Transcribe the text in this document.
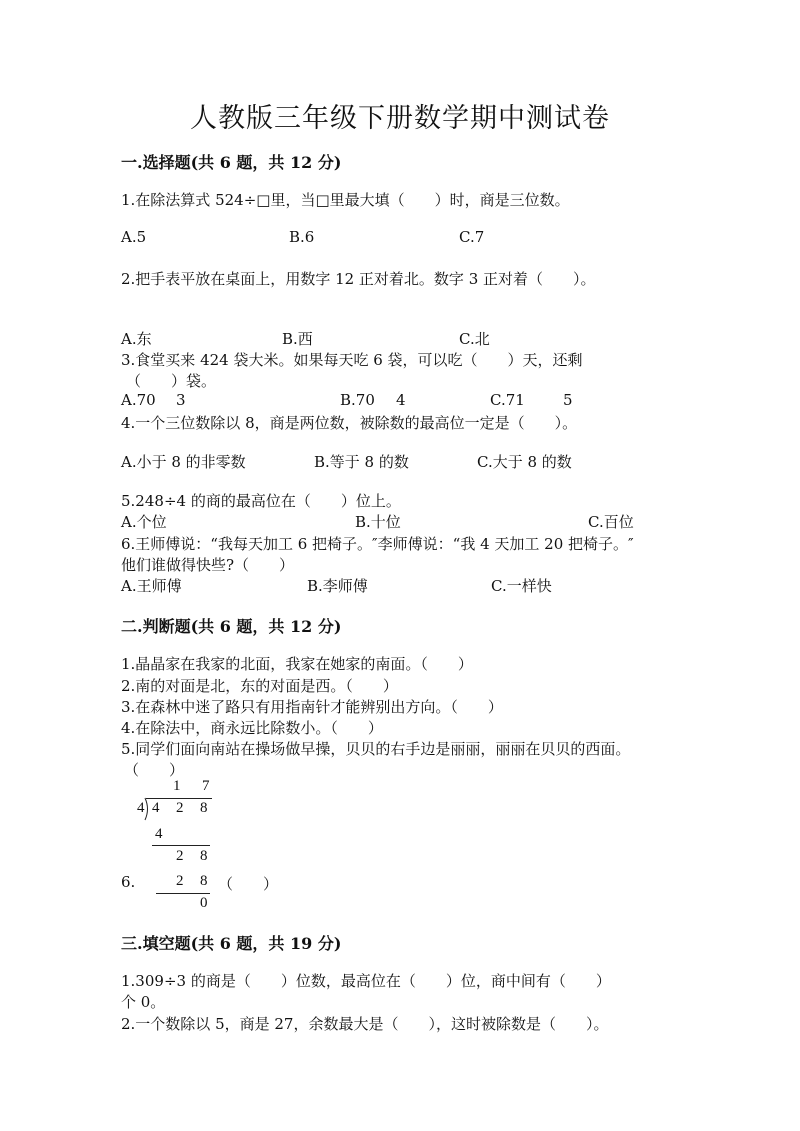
人教版三年级下册数学期中测试卷
一.选择题(共 6 题，共 12 分)
1.在除法算式 524÷□里，当□里最大填（　　）时，商是三位数。
A.5	B.6	C.7
2.把手表平放在桌面上，用数字 12 正对着北。数字 3 正对着（　　）。
A.东	B.西	C.北
3.食堂买来 424 袋大米。如果每天吃 6 袋，可以吃（　　）天，还剩
（　　）袋。
A.70 3	B.70 4	C.71	5
4.一个三位数除以 8，商是两位数，被除数的最高位一定是（　　）。
A.小于 8 的非零数	B.等于 8 的数	C.大于 8 的数
5.248÷4 的商的最高位在（　　）位上。
A.个位	B.十位	C.百位
6.王师傅说：“我每天加工 6 把椅子。″李师傅说：“我 4 天加工 20 把椅子。″
他们谁做得快些?（　　）
A.王师傅	B.李师傅	C.一样快
二.判断题(共 6 题，共 12 分)
1.晶晶家在我家的北面，我家在她家的南面。（　　）
2.南的对面是北，东的对面是西。（　　）
3.在森林中迷了路只有用指南针才能辨别出方向。（　　）
4.在除法中，商永远比除数小。（　　）
5.同学们面向南站在操场做早操，贝贝的右手边是丽丽，丽丽在贝贝的西面。
（　　）
1 7
4 4 2 8
4
2 8
6.	2 8 （　　）
0
三.填空题(共 6 题，共 19 分)
1.309÷3 的商是（　　）位数，最高位在（　　）位，商中间有（　　）
个 0。
2.一个数除以 5，商是 27，余数最大是（　　），这时被除数是（　　）。
